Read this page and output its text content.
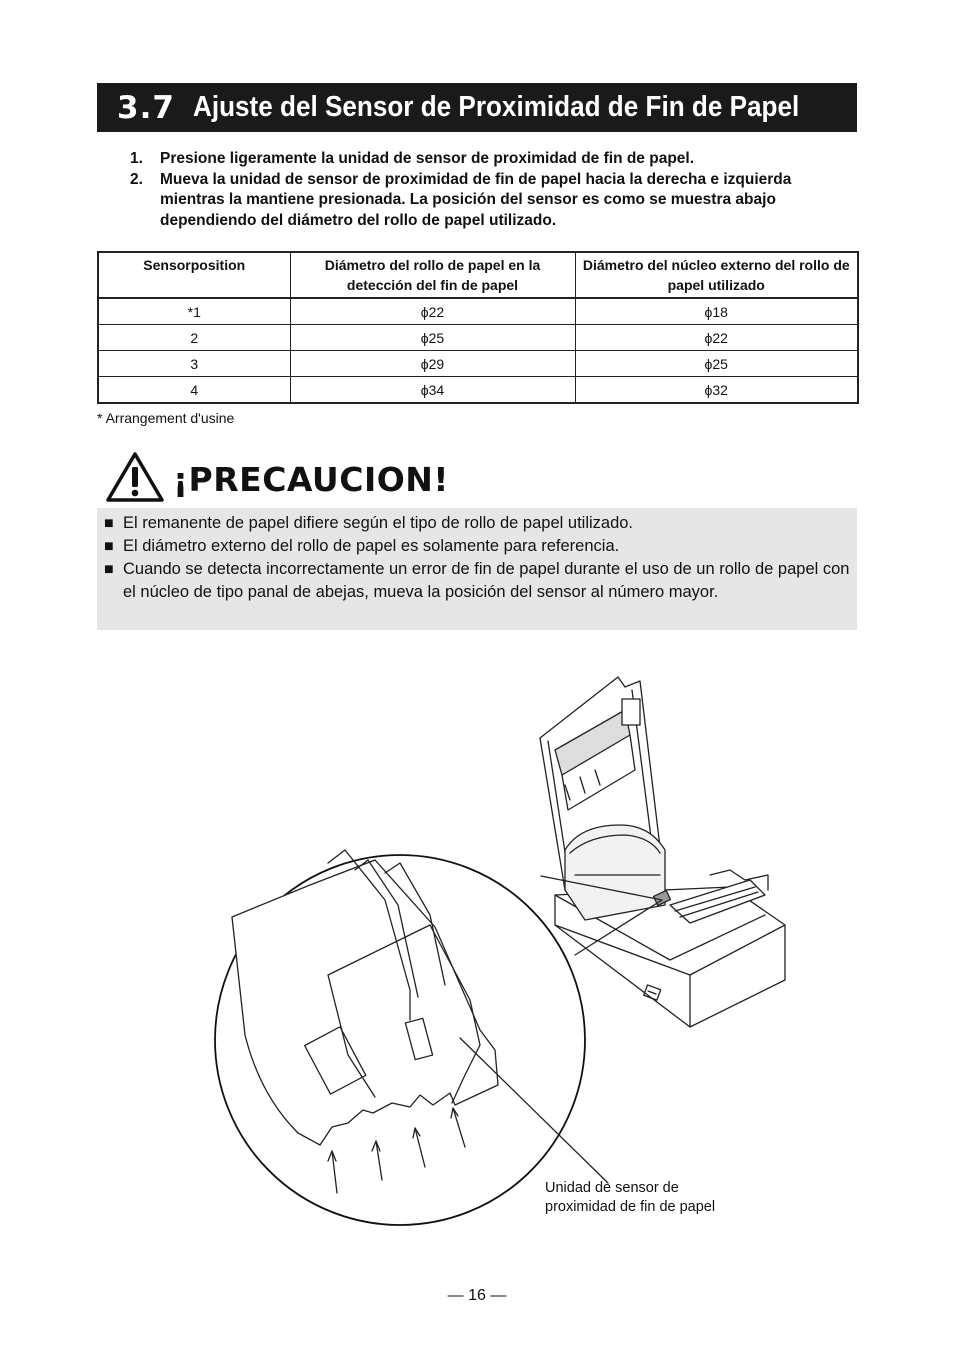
3.7 Ajuste del Sensor de Proximidad de Fin de Papel
1.	Presione ligeramente la unidad de sensor de proximidad de fin de papel.
2.	Mueva la unidad de sensor de proximidad de fin de papel hacia la derecha e izquierda mientras la mantiene presionada. La posición del sensor es como se muestra abajo dependiendo del diámetro del rollo de papel utilizado.
Sensorposition	Diámetro del rollo de papel en la detección del fin de papel	Diámetro del núcleo externo del rollo de papel utilizado
*1	ϕ22	ϕ18
2	ϕ25	ϕ22
3	ϕ29	ϕ25
4	ϕ34	ϕ32
* Arrangement d'usine
¡PRECAUCION!
■ El remanente de papel difiere según el tipo de rollo de papel utilizado.
■ El diámetro externo del rollo de papel es solamente para referencia.
■ Cuando se detecta incorrectamente un error de fin de papel durante el uso de un rollo de papel con el núcleo de tipo panal de abejas, mueva la posición del sensor al número mayor.
Unidad de sensor de proximidad de fin de papel
— 16 —
